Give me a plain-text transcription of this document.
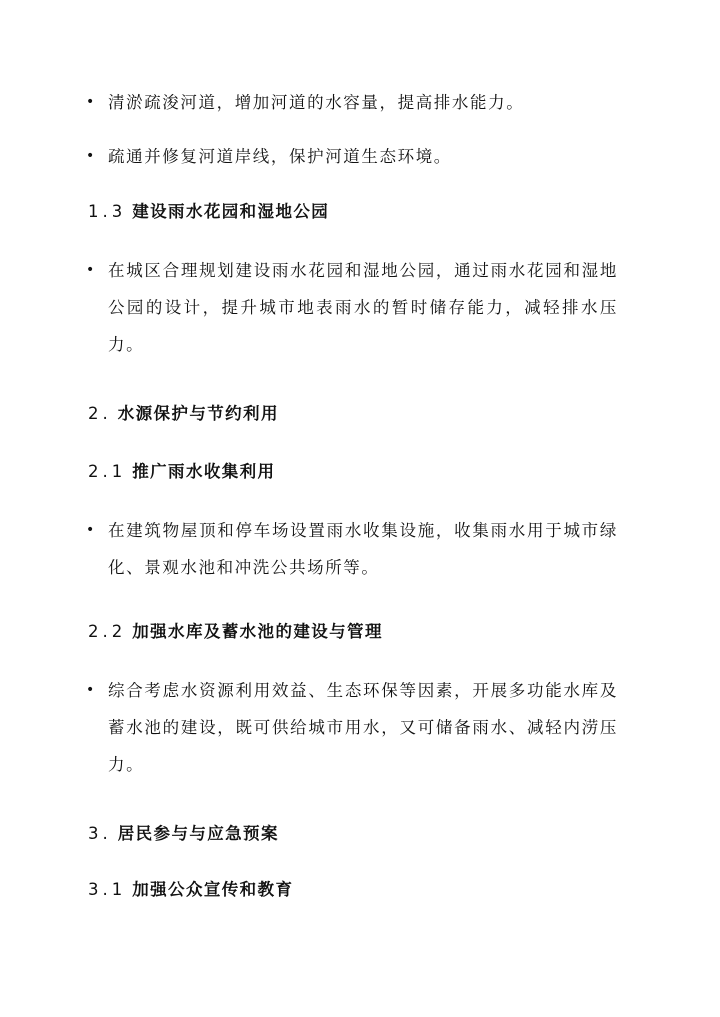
• 清淤疏浚河道，增加河道的水容量，提高排水能力。
• 疏通并修复河道岸线，保护河道生态环境。
1.3 建设雨水花园和湿地公园
• 在城区合理规划建设雨水花园和湿地公园，通过雨水花园和湿地公园的设计，提升城市地表雨水的暂时储存能力，减轻排水压力。
2. 水源保护与节约利用
2.1 推广雨水收集利用
• 在建筑物屋顶和停车场设置雨水收集设施，收集雨水用于城市绿化、景观水池和冲洗公共场所等。
2.2 加强水库及蓄水池的建设与管理
• 综合考虑水资源利用效益、生态环保等因素，开展多功能水库及蓄水池的建设，既可供给城市用水，又可储备雨水、减轻内涝压力。
3. 居民参与与应急预案
3.1 加强公众宣传和教育
